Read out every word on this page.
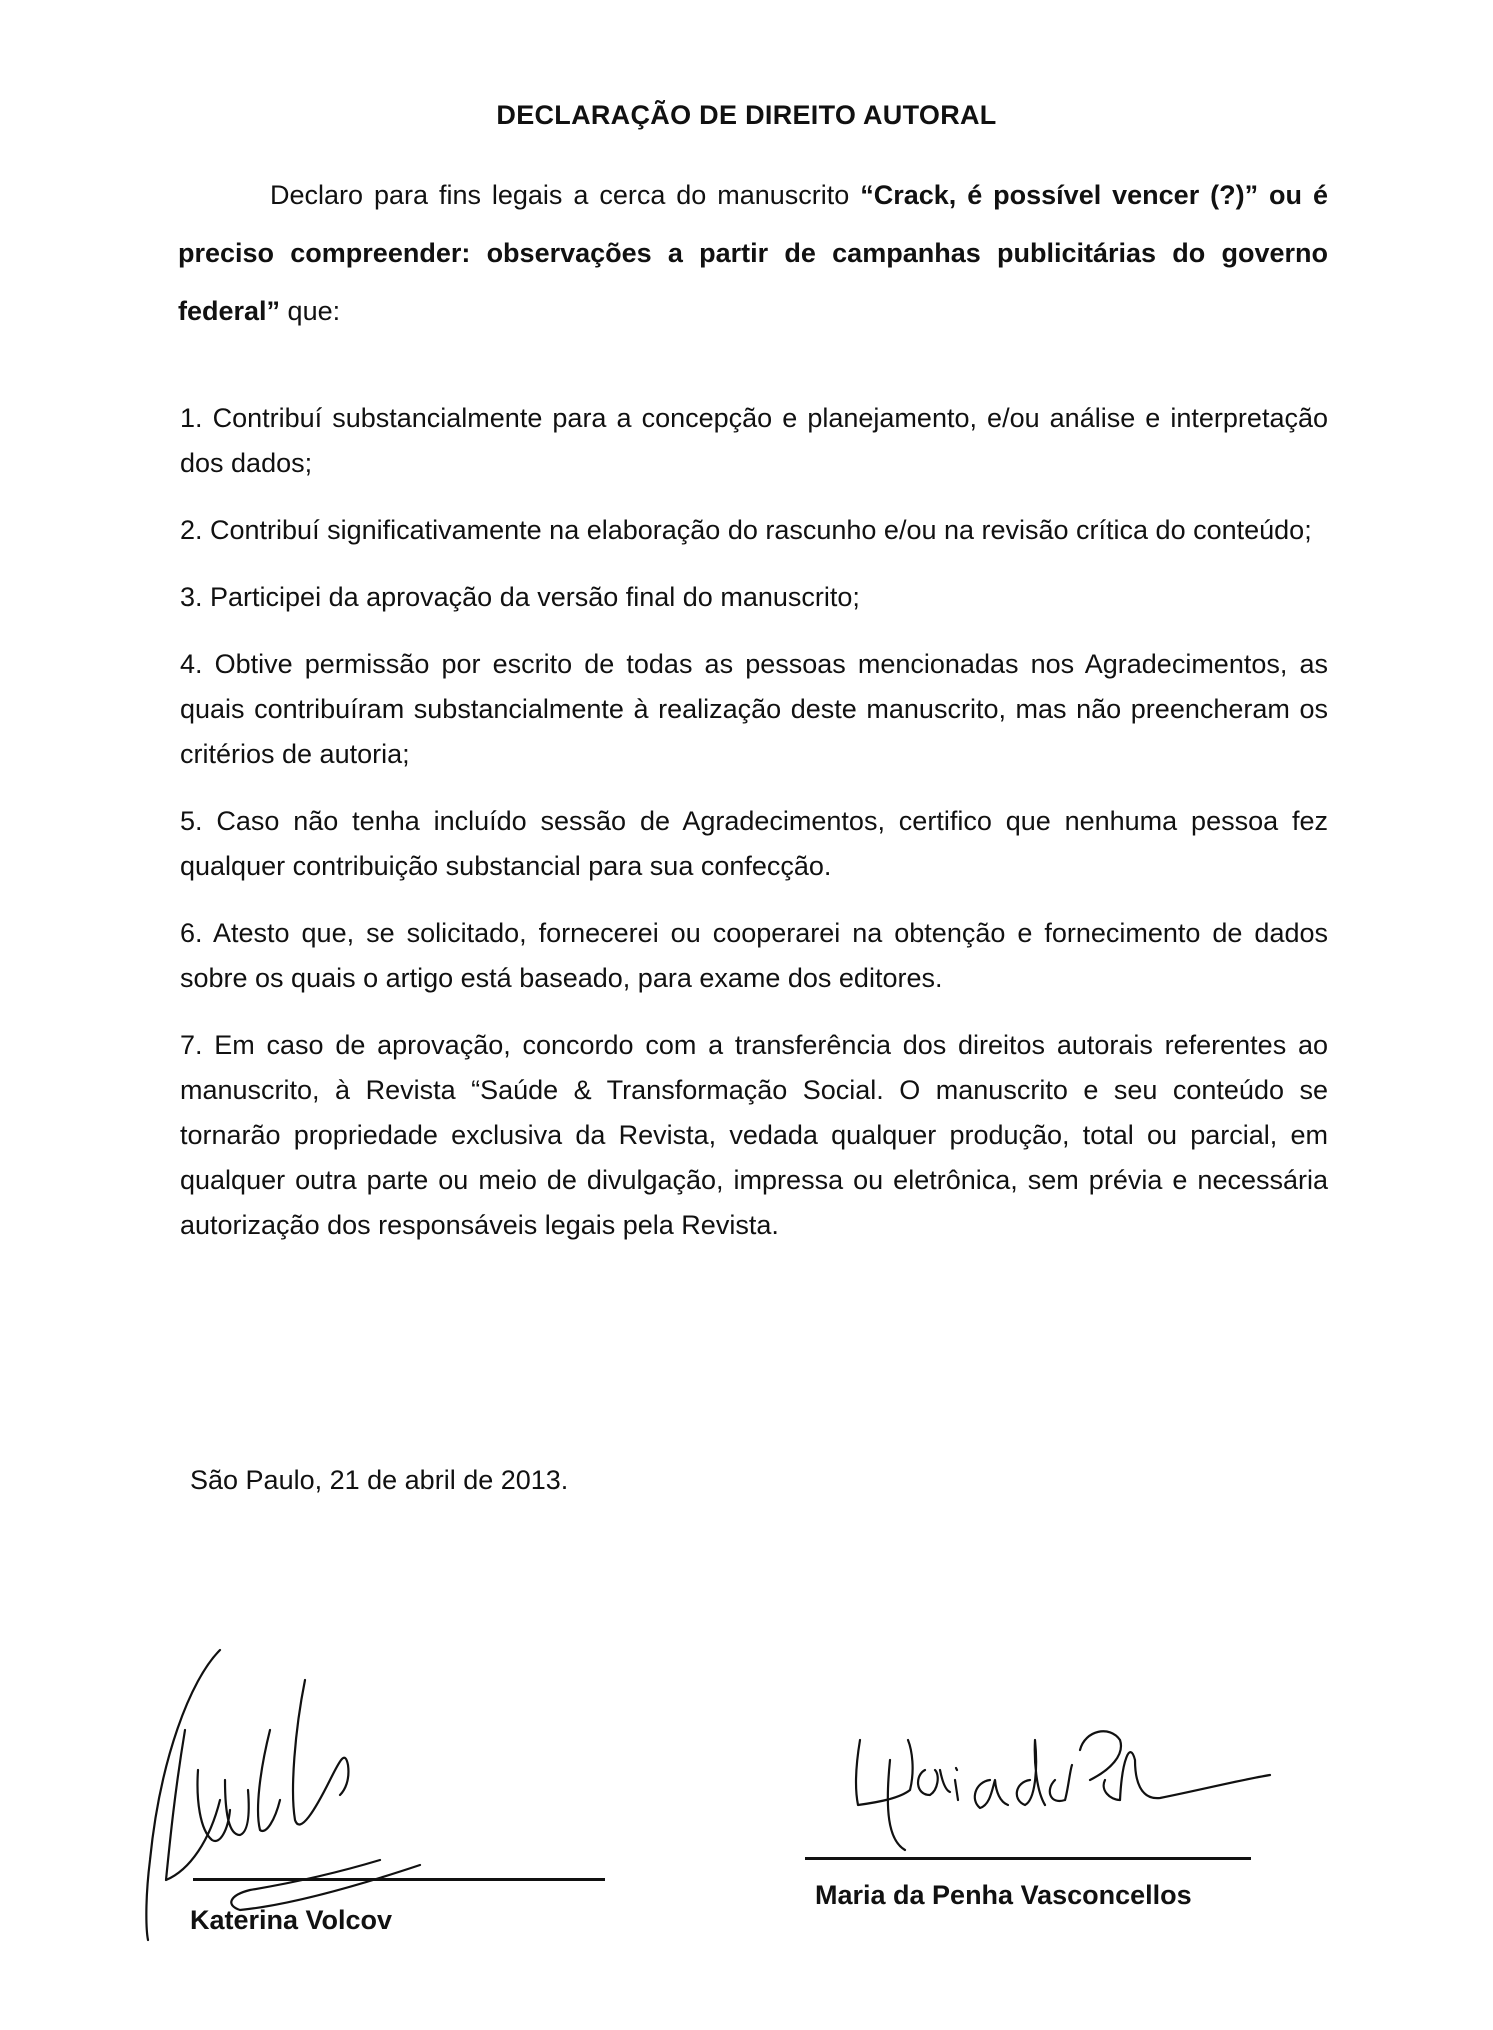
DECLARAÇÃO DE DIREITO AUTORAL
Declaro para fins legais a cerca do manuscrito “Crack, é possível vencer (?)” ou é preciso compreender: observações a partir de campanhas publicitárias do governo federal” que:

1. Contribuí substancialmente para a concepção e planejamento, e/ou análise e interpretação dos dados;

2. Contribuí significativamente na elaboração do rascunho e/ou na revisão crítica do conteúdo;

3. Participei da aprovação da versão final do manuscrito;

4. Obtive permissão por escrito de todas as pessoas mencionadas nos Agradecimentos, as quais contribuíram substancialmente à realização deste manuscrito, mas não preencheram os critérios de autoria;

5. Caso não tenha incluído sessão de Agradecimentos, certifico que nenhuma pessoa fez qualquer contribuição substancial para sua confecção.

6. Atesto que, se solicitado, fornecerei ou cooperarei na obtenção e fornecimento de dados sobre os quais o artigo está baseado, para exame dos editores.

7. Em caso de aprovação, concordo com a transferência dos direitos autorais referentes ao manuscrito, à Revista “Saúde & Transformação Social. O manuscrito e seu conteúdo se tornarão propriedade exclusiva da Revista, vedada qualquer produção, total ou parcial, em qualquer outra parte ou meio de divulgação, impressa ou eletrônica, sem prévia e necessária autorização dos responsáveis legais pela Revista.

São Paulo, 21 de abril de 2013.
Katerina Volcov
Maria da Penha Vasconcellos
